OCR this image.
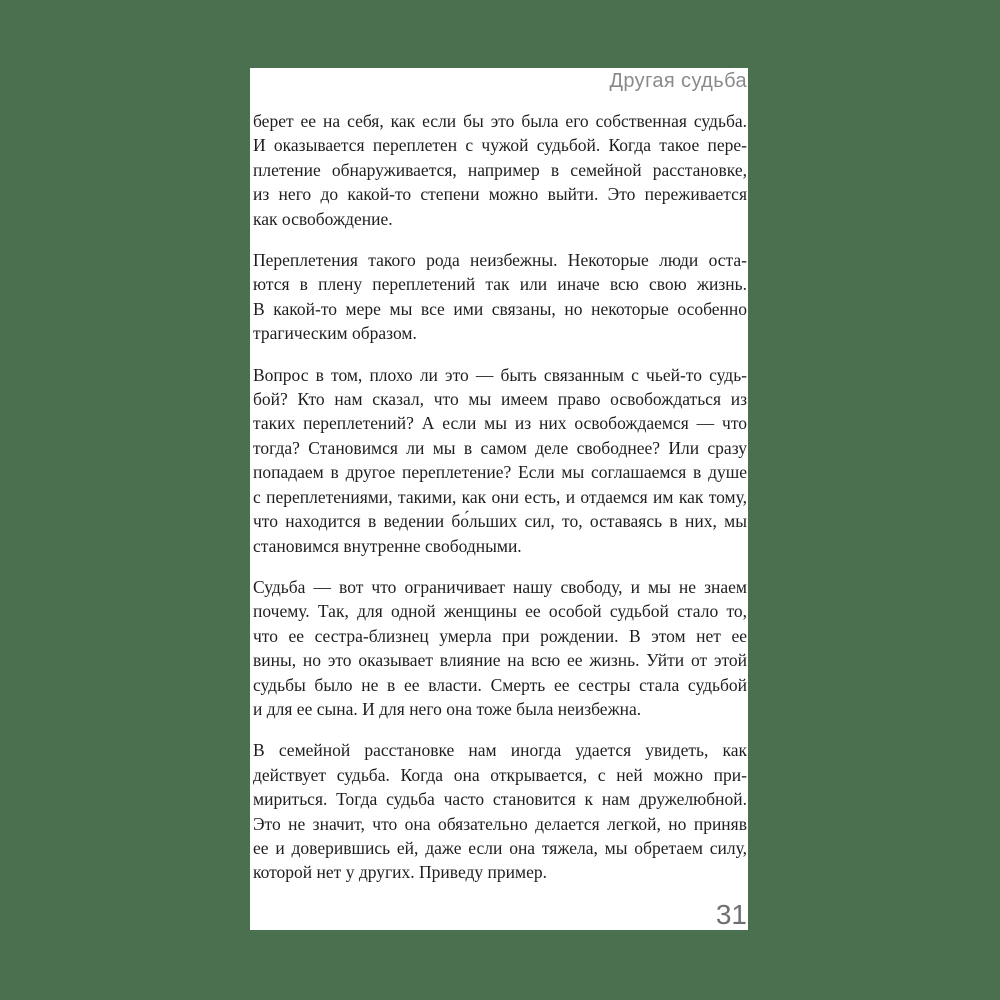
Другая судьба
берет ее на себя, как если бы это была его собственная судьба.
И оказывается переплетен с чужой судьбой. Когда такое пере-
плетение обнаруживается, например в семейной расстановке,
из него до какой-то степени можно выйти. Это переживается
как освобождение.
Переплетения такого рода неизбежны. Некоторые люди оста-
ются в плену переплетений так или иначе всю свою жизнь.
В какой-то мере мы все ими связаны, но некоторые особенно
трагическим образом.
Вопрос в том, плохо ли это — быть связанным с чьей-то судь-
бой? Кто нам сказал, что мы имеем право освобождаться из
таких переплетений? А если мы из них освобождаемся — что
тогда? Становимся ли мы в самом деле свободнее? Или сразу
попадаем в другое переплетение? Если мы соглашаемся в душе
с переплетениями, такими, как они есть, и отдаемся им как тому,
что находится в ведении бо́льших сил, то, оставаясь в них, мы
становимся внутренне свободными.
Судьба — вот что ограничивает нашу свободу, и мы не знаем
почему. Так, для одной женщины ее особой судьбой стало то,
что ее сестра-близнец умерла при рождении. В этом нет ее
вины, но это оказывает влияние на всю ее жизнь. Уйти от этой
судьбы было не в ее власти. Смерть ее сестры стала судьбой
и для ее сына. И для него она тоже была неизбежна.
В семейной расстановке нам иногда удается увидеть, как
действует судьба. Когда она открывается, с ней можно при-
мириться. Тогда судьба часто становится к нам дружелюбной.
Это не значит, что она обязательно делается легкой, но приняв
ее и доверившись ей, даже если она тяжела, мы обретаем силу,
которой нет у других. Приведу пример.
31
